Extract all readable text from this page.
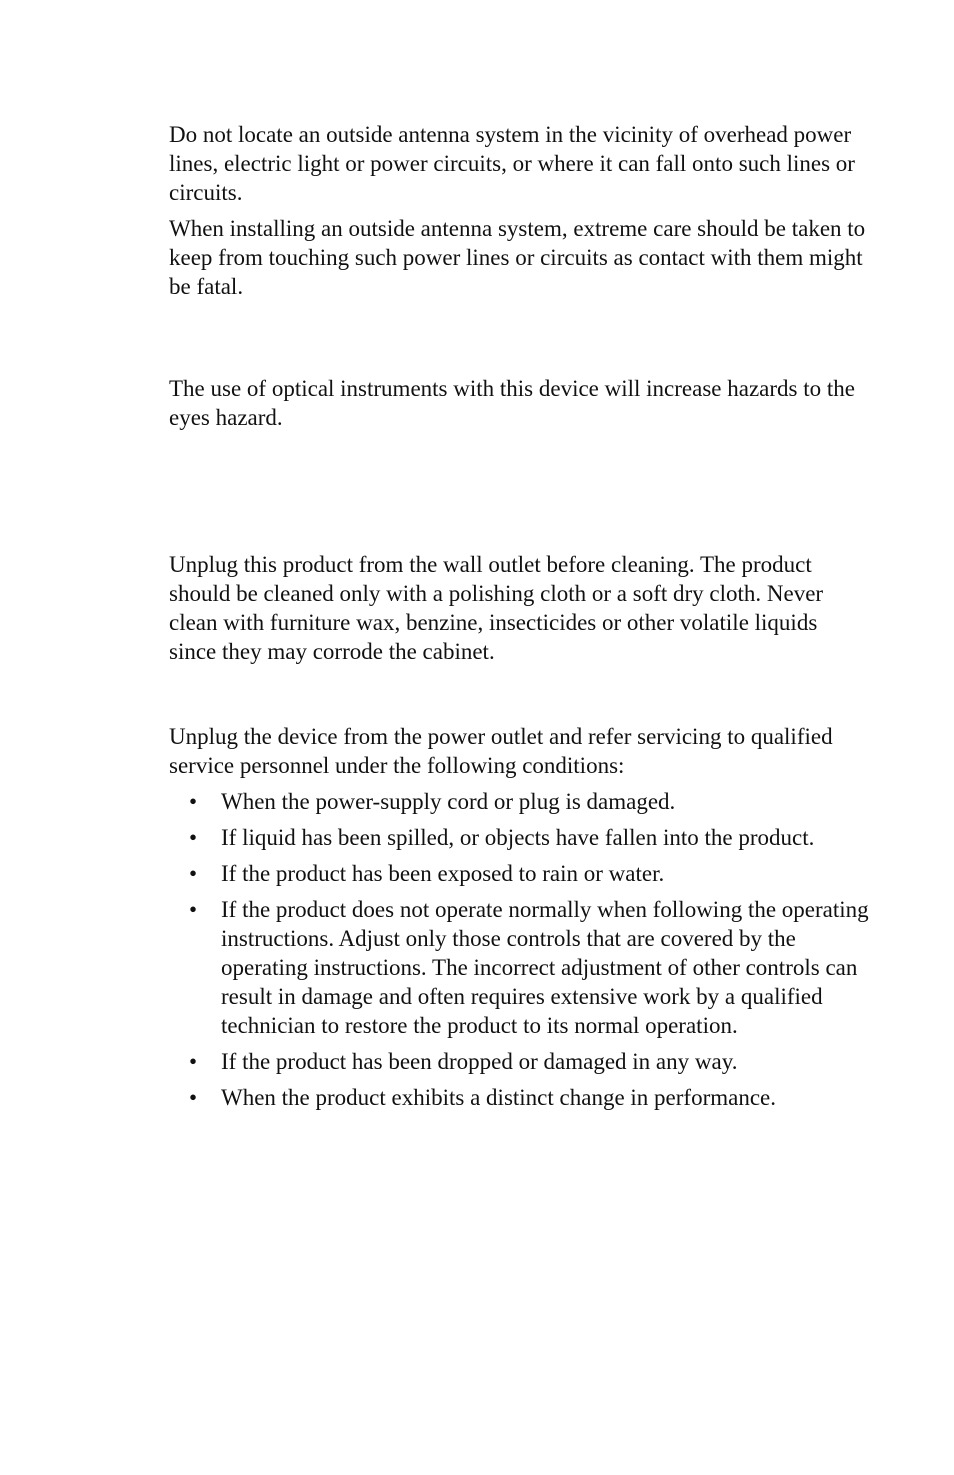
Do not locate an outside antenna system in the vicinity of overhead power lines, electric light or power circuits, or where it can fall onto such lines or circuits.

When installing an outside antenna system, extreme care should be taken to keep from touching such power lines or circuits as contact with them might be fatal.

The use of optical instruments with this device will increase hazards to the eyes hazard.

Unplug this product from the wall outlet before cleaning. The product should be cleaned only with a polishing cloth or a soft dry cloth. Never clean with furniture wax, benzine, insecticides or other volatile liquids since they may corrode the cabinet.

Unplug the device from the power outlet and refer servicing to qualified service personnel under the following conditions:

• When the power-supply cord or plug is damaged.
• If liquid has been spilled, or objects have fallen into the product.
• If the product has been exposed to rain or water.
• If the product does not operate normally when following the operating instructions. Adjust only those controls that are covered by the operating instructions. The incorrect adjustment of other controls can result in damage and often requires extensive work by a qualified technician to restore the product to its normal operation.
• If the product has been dropped or damaged in any way.
• When the product exhibits a distinct change in performance.
